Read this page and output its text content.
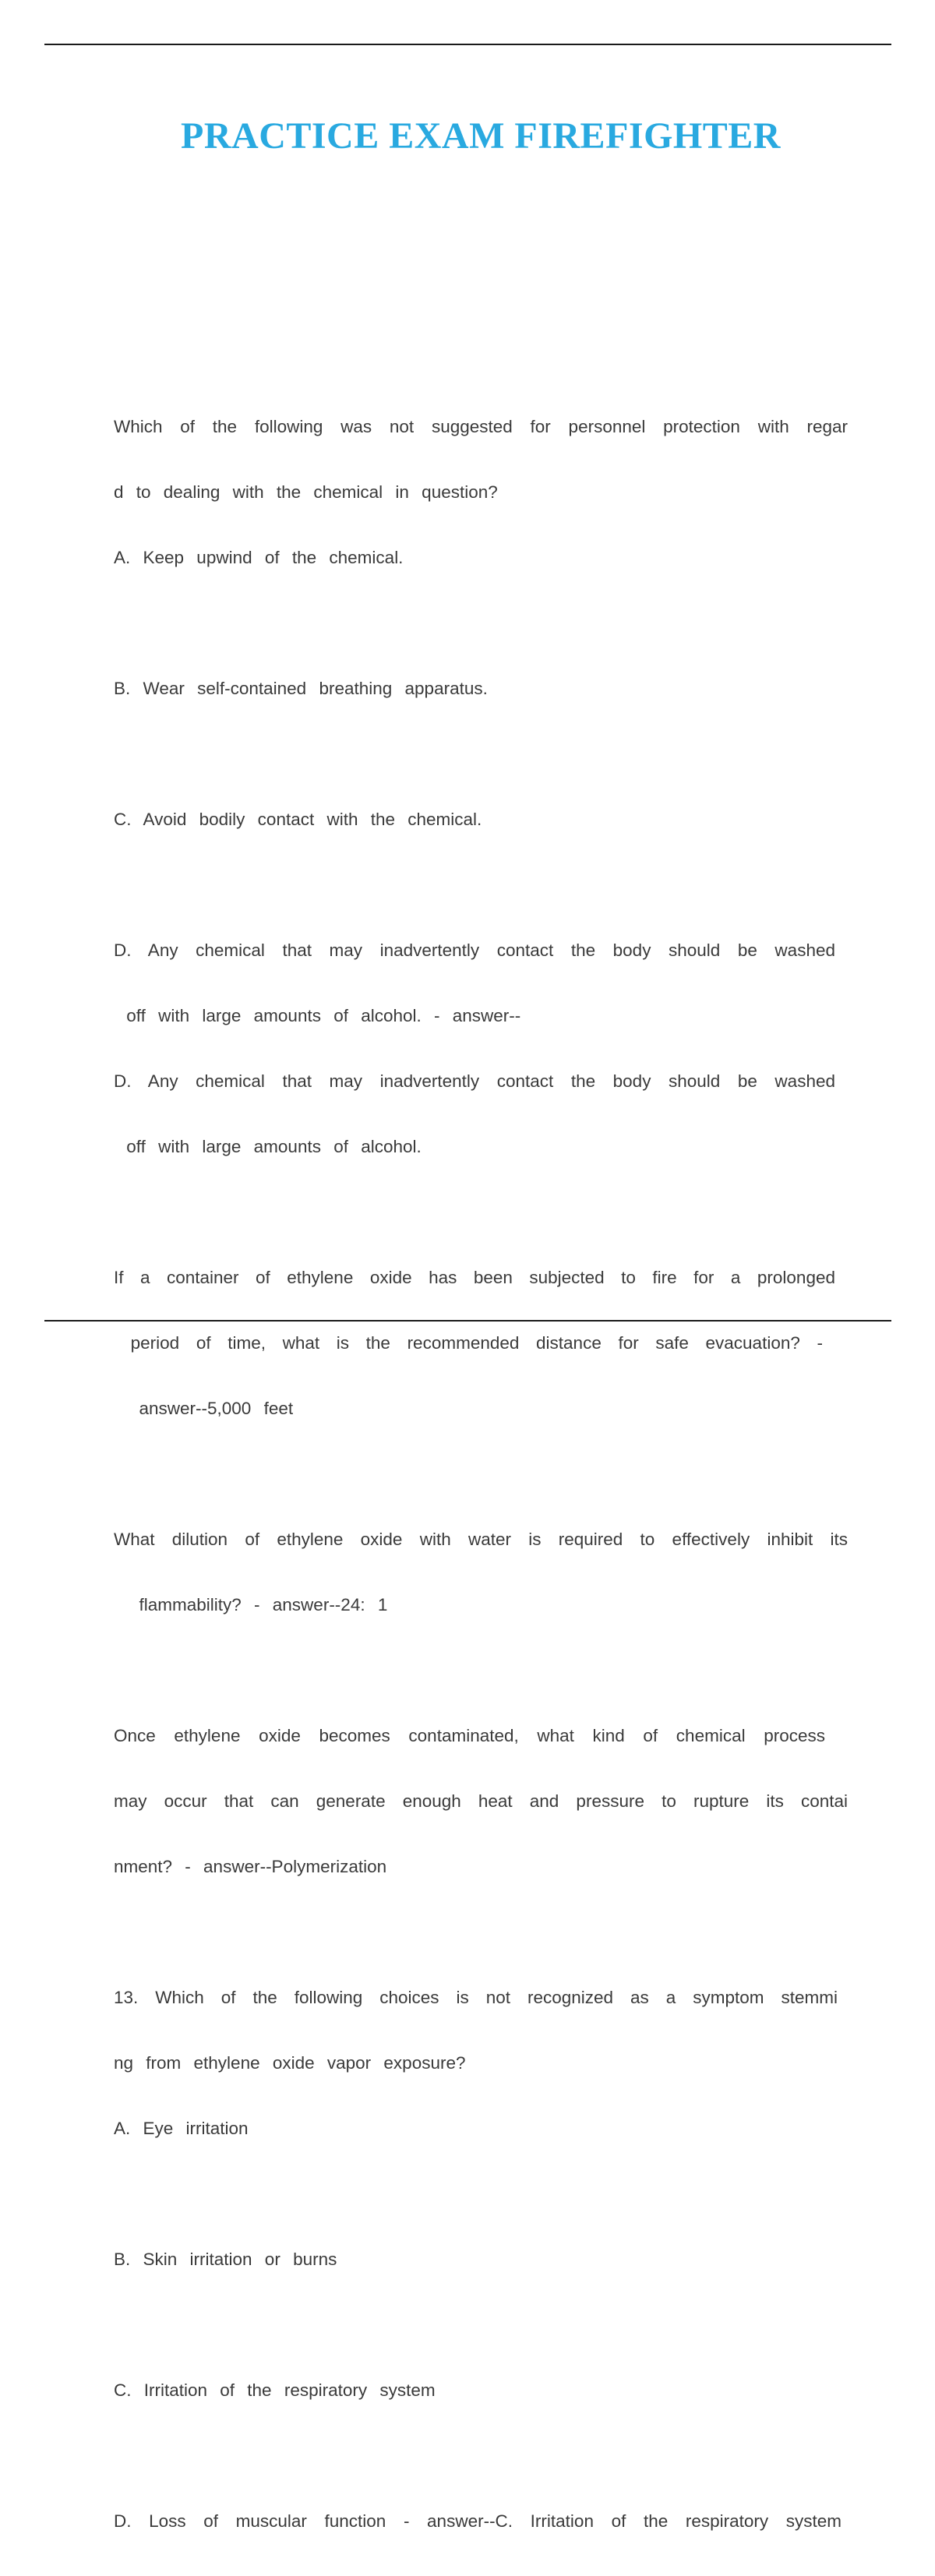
PRACTICE EXAM FIREFIGHTER

Which of the following was not suggested for personnel protection with regar

d to dealing with the chemical in question?

A. Keep upwind of the chemical.

B. Wear self-contained breathing apparatus.

C. Avoid bodily contact with the chemical.

D. Any chemical that may inadvertently contact the body should be washed

off with large amounts of alcohol. - answer--

D. Any chemical that may inadvertently contact the body should be washed

off with large amounts of alcohol.

If a container of ethylene oxide has been subjected to fire for a prolonged

period of time, what is the recommended distance for safe evacuation? -

answer--5,000 feet

What dilution of ethylene oxide with water is required to effectively inhibit its

flammability? - answer--24: 1

Once ethylene oxide becomes contaminated, what kind of chemical process

may occur that can generate enough heat and pressure to rupture its contai

nment? - answer--Polymerization

13. Which of the following choices is not recognized as a symptom stemmi

ng from ethylene oxide vapor exposure?

A. Eye irritation

B. Skin irritation or burns

C. Irritation of the respiratory system

D. Loss of muscular function - answer--C. Irritation of the respiratory system
